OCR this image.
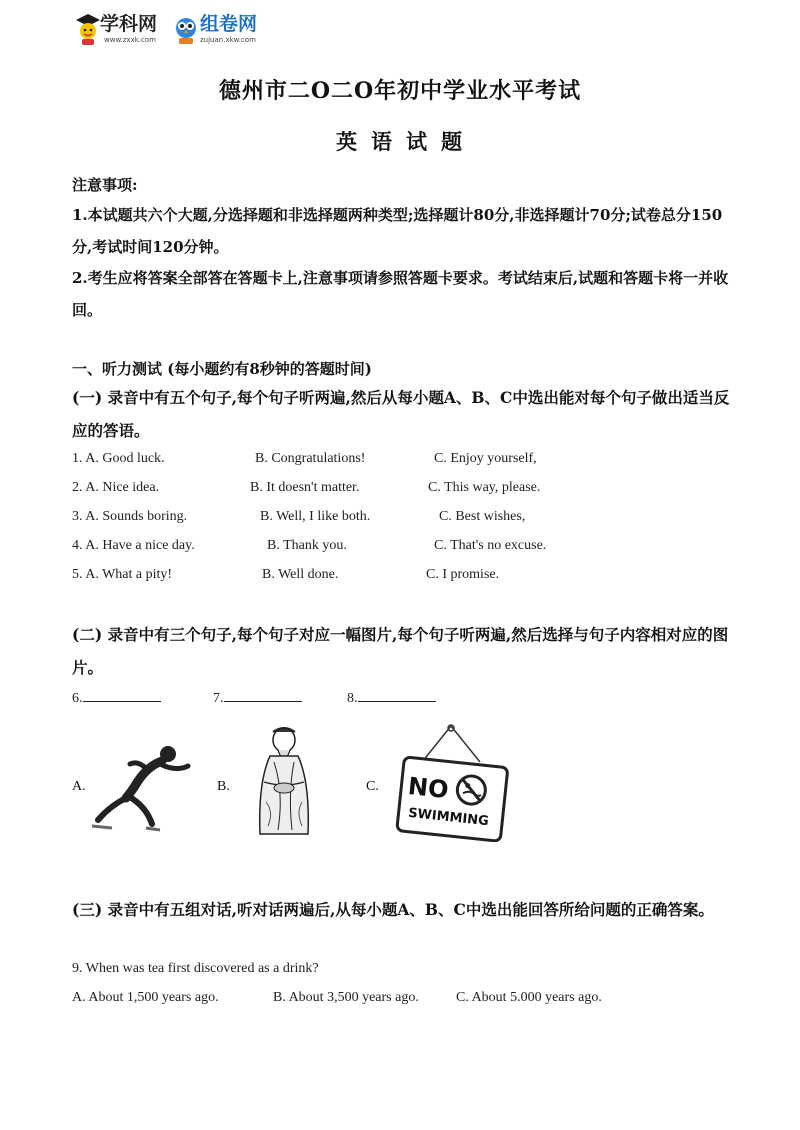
学科网
www.zxxk.com
组卷网
zujuan.xkw.com
德州市二O二O年初中学业水平考试
英语试题
注意事项:
1.本试题共六个大题,分选择题和非选择题两种类型;选择题计80分,非选择题计70分;试卷总分150分,考试时间120分钟。
2.考生应将答案全部答在答题卡上,注意事项请参照答题卡要求。考试结束后,试题和答题卡将一并收回。
一、听力测试 (每小题约有8秒钟的答题时间)
(一) 录音中有五个句子,每个句子听两遍,然后从每小题A、B、C中选出能对每个句子做出适当反应的答语。
1. A. Good luck.	B. Congratulations!	C. Enjoy yourself,
2. A. Nice idea.	B. It doesn't matter.	C. This way, please.
3. A. Sounds boring.	B. Well, I like both.	C. Best wishes,
4. A. Have a nice day.	B. Thank you.	C. That's no excuse.
5. A. What a pity!	B. Well done.	C. I promise.
(二) 录音中有三个句子,每个句子对应一幅图片,每个句子听两遍,然后选择与句子内容相对应的图片。
6.	7.	8.
A.	B.	C. NO
SWIMMING
(三) 录音中有五组对话,听对话两遍后,从每小题A、B、C中选出能回答所给问题的正确答案。
9. When was tea first discovered as a drink?
A. About 1,500 years ago.	B. About 3,500 years ago.	C. About 5.000 years ago.
